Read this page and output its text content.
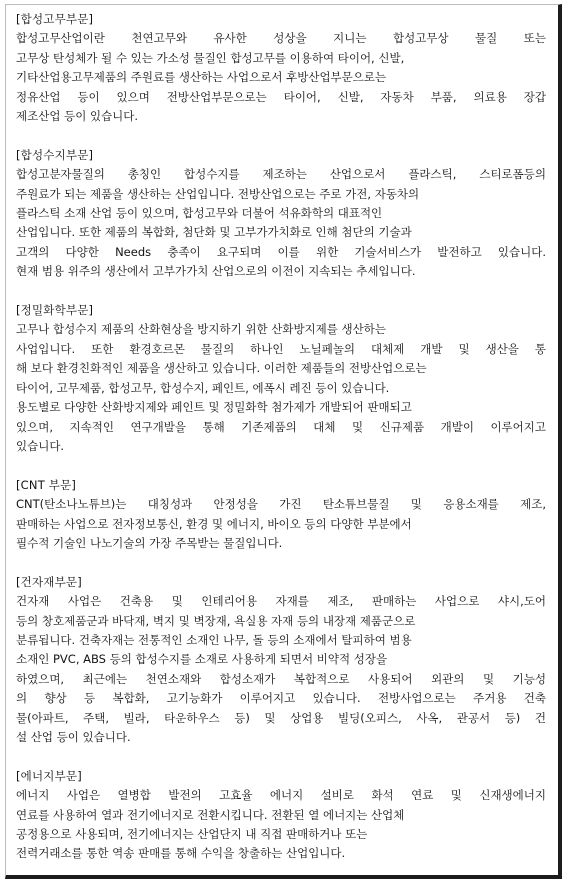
[합성고무부문]

합성고무산업이란 천연고무와 유사한 성상을 지니는 합성고무상 물질 또는

고무상 탄성체가 될 수 있는 가소성 물질인 합성고무를 이용하여 타이어, 신발,

기타산업용고무제품의 주원료를 생산하는 사업으로서 후방산업부문으로는

정유산업 등이 있으며 전방산업부문으로는 타이어, 신발, 자동차 부품, 의료용 장갑

제조산업 등이 있습니다.

[합성수지부문]

합성고분자물질의 총칭인 합성수지를 제조하는 산업으로서 플라스틱, 스티로폼등의

주원료가 되는 제품을 생산하는 산업입니다. 전방산업으로는 주로 가전, 자동차의

플라스틱 소재 산업 등이 있으며, 합성고무와 더불어 석유화학의 대표적인

산업입니다. 또한 제품의 복합화, 첨단화 및 고부가가치화로 인해 첨단의 기술과

고객의 다양한 Needs 충족이 요구되며 이를 위한 기술서비스가 발전하고 있습니다.

현재 범용 위주의 생산에서 고부가가치 산업으로의 이전이 지속되는 추세입니다.

[정밀화학부문]

고무나 합성수지 제품의 산화현상을 방지하기 위한 산화방지제를 생산하는

사업입니다. 또한 환경호르몬 물질의 하나인 노닐페놀의 대체제 개발 및 생산을 통

해 보다 환경친화적인 제품을 생산하고 있습니다. 이러한 제품들의 전방산업으로는

타이어, 고무제품, 합성고무, 합성수지, 페인트, 에폭시 레진 등이 있습니다.

용도별로 다양한 산화방지제와 페인트 및 정밀화학 첨가제가 개발되어 판매되고

있으며, 지속적인 연구개발을 통해 기존제품의 대체 및 신규제품 개발이 이루어지고

있습니다.

[CNT 부문]

CNT(탄소나노튜브)는 대칭성과 안정성을 가진 탄소튜브물질 및 응용소재를 제조,

판매하는 사업으로 전자정보통신, 환경 및 에너지, 바이오 등의 다양한 부분에서

필수적 기술인 나노기술의 가장 주목받는 물질입니다.

[건자재부문]

건자재 사업은 건축용 및 인테리어용 자재를 제조, 판매하는 사업으로 샤시,도어

등의 창호제품군과 바닥재, 벽지 및 벽장재, 욕실용 자재 등의 내장재 제품군으로

분류됩니다. 건축자재는 전통적인 소재인 나무, 돌 등의 소재에서 탈피하여 범용

소재인 PVC, ABS 등의 합성수지를 소재로 사용하게 되면서 비약적 성장을

하였으며, 최근에는 천연소재와 합성소재가 복합적으로 사용되어 외관의 및 기능성

의 향상 등 복합화, 고기능화가 이루어지고 있습니다. 전방사업으로는 주거용 건축

물(아파트, 주택, 빌라, 타운하우스 등) 및 상업용 빌딩(오피스, 사옥, 관공서 등) 건

설 산업 등이 있습니다.

[에너지부문]

에너지 사업은 열병합 발전의 고효율 에너지 설비로 화석 연료 및 신재생에너지

연료를 사용하여 열과 전기에너지로 전환시킵니다. 전환된 열 에너지는 산업체

공정용으로 사용되며, 전기에너지는 산업단지 내 직접 판매하거나 또는

전력거래소를 통한 역송 판매를 통해 수익을 창출하는 산업입니다.
